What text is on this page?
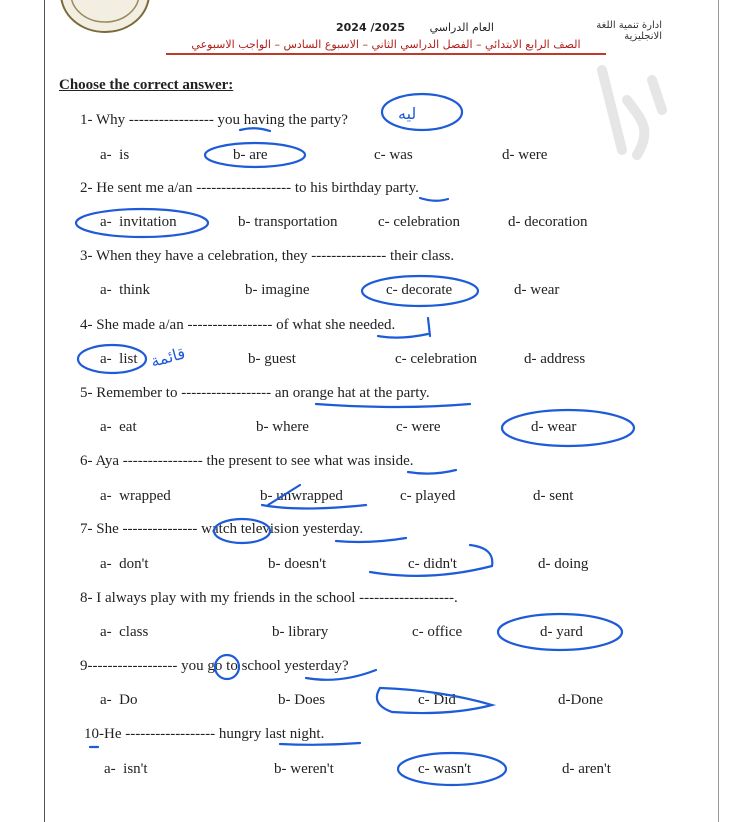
ادارة تنمية اللغة الانجليزية
2024 /2025 العام الدراسي
الصف الرابع الابتدائي – الفصل الدراسي الثاني – الاسبوع السادس – الواجب الاسبوعي
Choose the correct answer:
1- Why ----------------- you having the party?
a-  is	b- are	c- was	d- were
2- He sent me a/an ------------------- to his birthday party.
a-  invitation	b- transportation	c- celebration	d- decoration
3- When they have a celebration, they --------------- their class.
a-  think	b- imagine	c- decorate	d- wear
4- She made a/an ----------------- of what she needed.
a-  list	b- guest	c- celebration	d- address
5- Remember to ------------------ an orange hat at the party.
a-  eat	b- where	c- were	d- wear
6- Aya ---------------- the present to see what was inside.
a-  wrapped	b- unwrapped	c- played	d- sent
7- She --------------- watch television yesterday.
a-  don't	b- doesn't	c- didn't	d- doing
8- I always play with my friends in the school -------------------.
a-  class	b- library	c- office	d- yard
9------------------ you go to school yesterday?
a-  Do	b- Does	c- Did	d-Done
10-He ------------------ hungry last night.
a-  isn't	b- weren't	c- wasn't	d- aren't
ليه
قائمة
